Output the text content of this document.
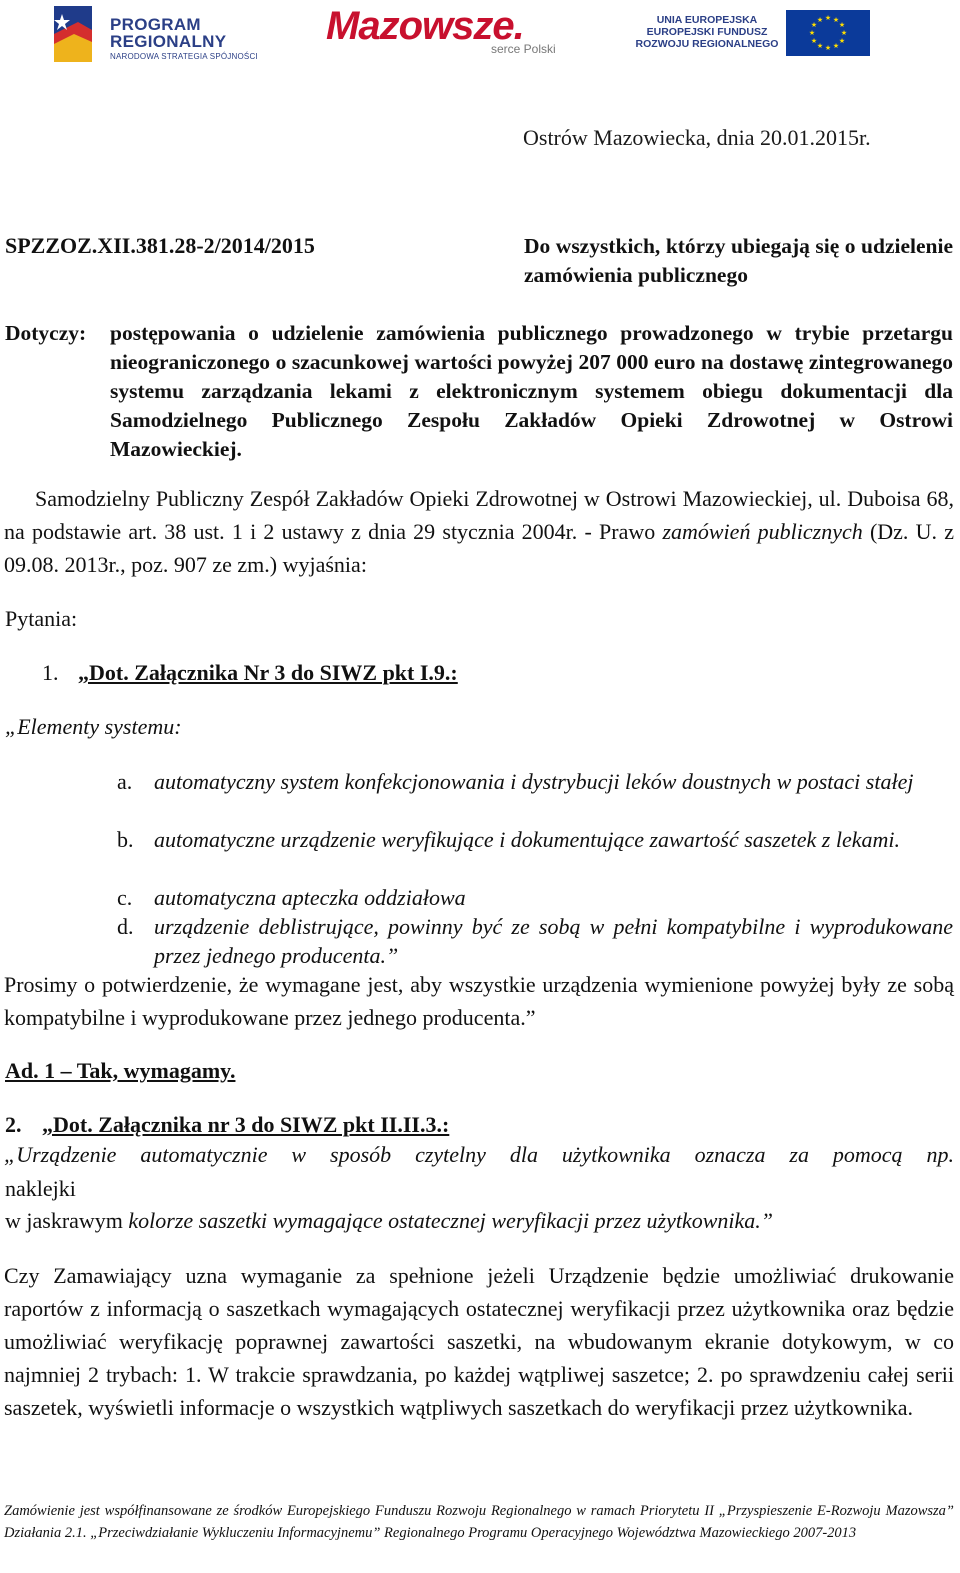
PROGRAM
REGIONALNY
NARODOWA STRATEGIA SPÓJNOŚCI
Mazowsze.
serce Polski
UNIA EUROPEJSKA
EUROPEJSKI FUNDUSZ
ROZWOJU REGIONALNEGO
★ ★
★
★
★
★
★
★
★
★
★
★
Ostrów Mazowiecka, dnia 20.01.2015r.
SPZZOZ.XII.381.28-2/2014/2015	Do wszystkich, którzy ubiegają się o udzielenie zamówienia publicznego
Dotyczy: postępowania o udzielenie zamówienia publicznego prowadzonego w trybie przetargu nieograniczonego o szacunkowej wartości powyżej 207 000 euro na dostawę zintegrowanego systemu zarządzania lekami z elektronicznym systemem obiegu dokumentacji dla Samodzielnego Publicznego Zespołu Zakładów Opieki Zdrowotnej w Ostrowi Mazowieckiej.
Samodzielny Publiczny Zespół Zakładów Opieki Zdrowotnej w Ostrowi Mazowieckiej, ul. Duboisa 68, na podstawie art. 38 ust. 1 i 2 ustawy z dnia 29 stycznia 2004r. - Prawo zamówień publicznych (Dz. U. z 09.08. 2013r., poz. 907 ze zm.) wyjaśnia:
Pytania:
1. „Dot. Załącznika Nr 3 do SIWZ pkt I.9.:
„Elementy systemu:
a. automatyczny system konfekcjonowania i dystrybucji leków doustnych w postaci stałej
b. automatyczne urządzenie weryfikujące i dokumentujące zawartość saszetek z lekami.
c. automatyczna apteczka oddziałowa
d. urządzenie deblistrujące, powinny być ze sobą w pełni kompatybilne i wyprodukowane przez jednego producenta.”
Prosimy o potwierdzenie, że wymagane jest, aby wszystkie urządzenia wymienione powyżej były ze sobą kompatybilne i wyprodukowane przez jednego producenta.”
Ad. 1 – Tak, wymagamy.
2. „Dot. Załącznika nr 3 do SIWZ pkt II.II.3.:
„Urządzenie automatycznie w sposób czytelny dla użytkownika oznacza za pomocą np.
naklejki
w jaskrawym kolorze saszetki wymagające ostatecznej weryfikacji przez użytkownika.”
Czy Zamawiający uzna wymaganie za spełnione jeżeli Urządzenie będzie umożliwiać drukowanie raportów z informacją o saszetkach wymagających ostatecznej weryfikacji przez użytkownika oraz będzie umożliwiać weryfikację poprawnej zawartości saszetki, na wbudowanym ekranie dotykowym, w co najmniej 2 trybach: 1. W trakcie sprawdzania, po każdej wątpliwej saszetce; 2. po sprawdzeniu całej serii saszetek, wyświetli informacje o wszystkich wątpliwych saszetkach do weryfikacji przez użytkownika.
Zamówienie jest współfinansowane ze środków Europejskiego Funduszu Rozwoju Regionalnego w ramach Priorytetu II „Przyspieszenie E-Rozwoju Mazowsza” Działania 2.1. „Przeciwdziałanie Wykluczeniu Informacyjnemu” Regionalnego Programu Operacyjnego Województwa Mazowieckiego 2007-2013
